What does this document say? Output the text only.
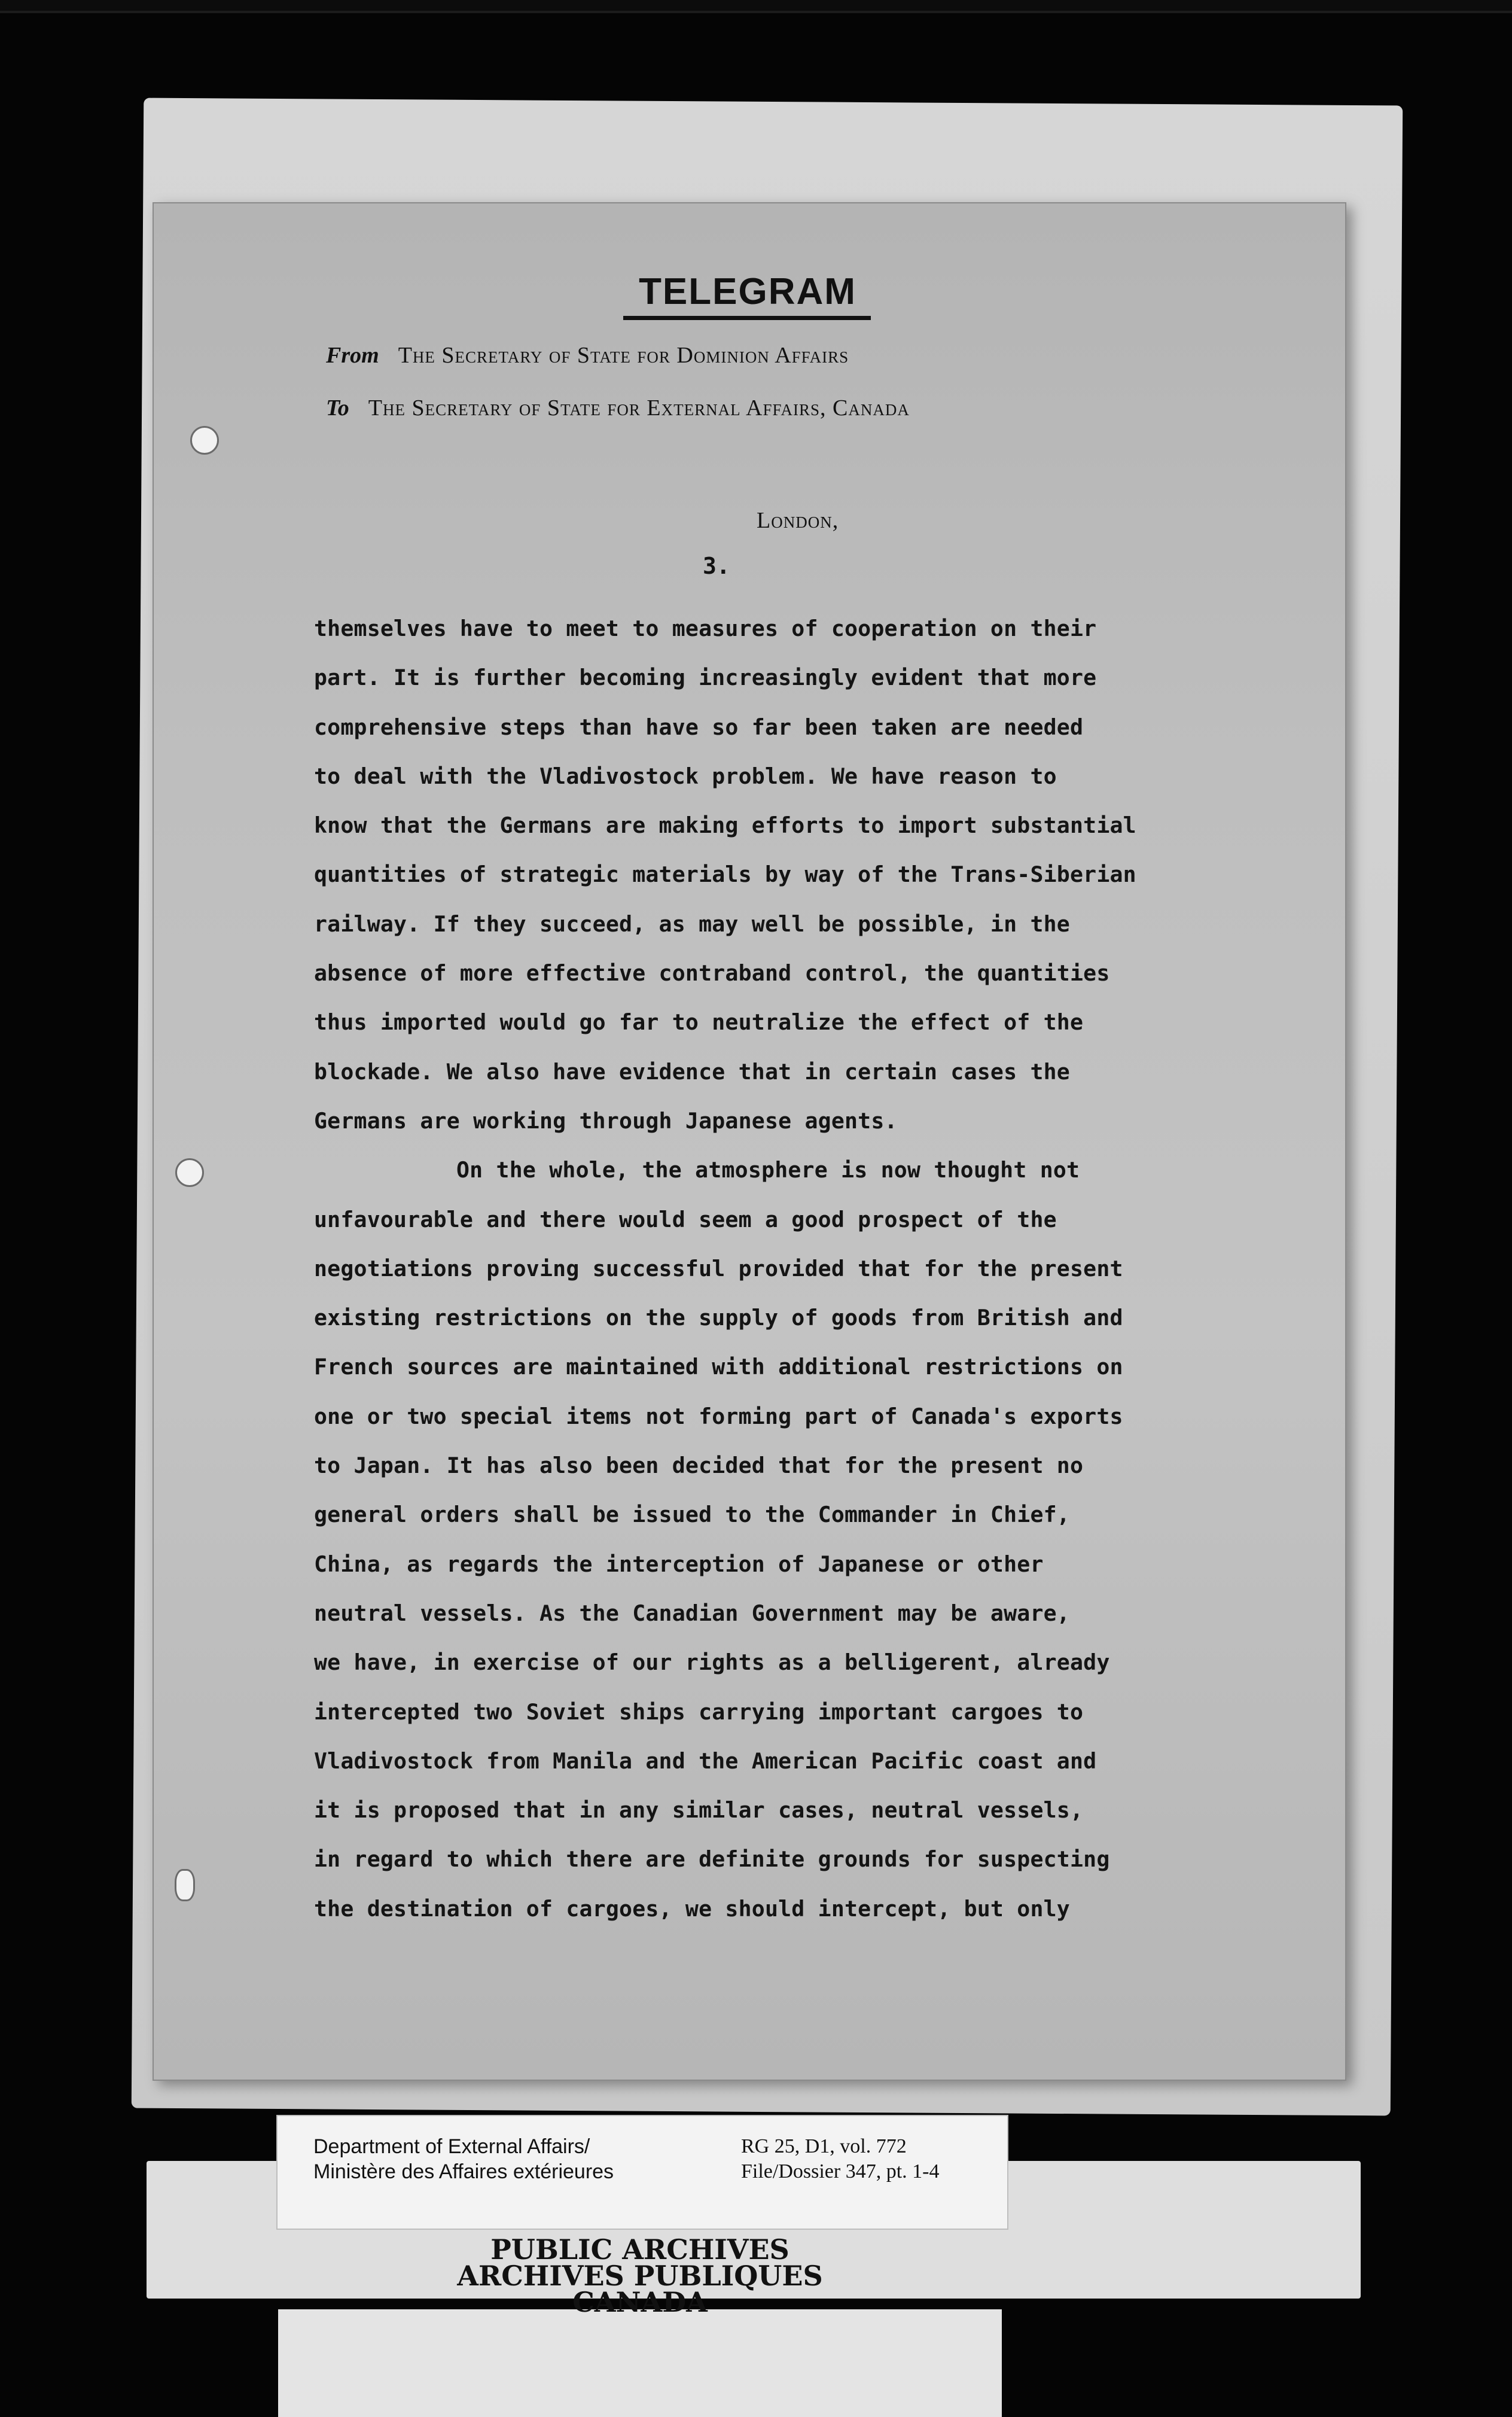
TELEGRAM
From The Secretary of State for Dominion Affairs
To The Secretary of State for External Affairs, Canada
London,
3.
themselves have to meet to measures of cooperation on their
part. It is further becoming increasingly evident that more
comprehensive steps than have so far been taken are needed
to deal with the Vladivostock problem. We have reason to
know that the Germans are making efforts to import substantial
quantities of strategic materials by way of the Trans-Siberian
railway. If they succeed, as may well be possible, in the
absence of more effective contraband control, the quantities
thus imported would go far to neutralize the effect of the
blockade. We also have evidence that in certain cases the
Germans are working through Japanese agents.
On the whole, the atmosphere is now thought not
unfavourable and there would seem a good prospect of the
negotiations proving successful provided that for the present
existing restrictions on the supply of goods from British and
French sources are maintained with additional restrictions on
one or two special items not forming part of Canada's exports
to Japan. It has also been decided that for the present no
general orders shall be issued to the Commander in Chief,
China, as regards the interception of Japanese or other
neutral vessels. As the Canadian Government may be aware,
we have, in exercise of our rights as a belligerent, already
intercepted two Soviet ships carrying important cargoes to
Vladivostock from Manila and the American Pacific coast and
it is proposed that in any similar cases, neutral vessels,
in regard to which there are definite grounds for suspecting
the destination of cargoes, we should intercept, but only
Department of External Affairs/
Ministère des Affaires extérieures
RG 25, D1, vol. 772
File/Dossier 347, pt. 1-4
PUBLIC ARCHIVES
ARCHIVES PUBLIQUES
CANADA
